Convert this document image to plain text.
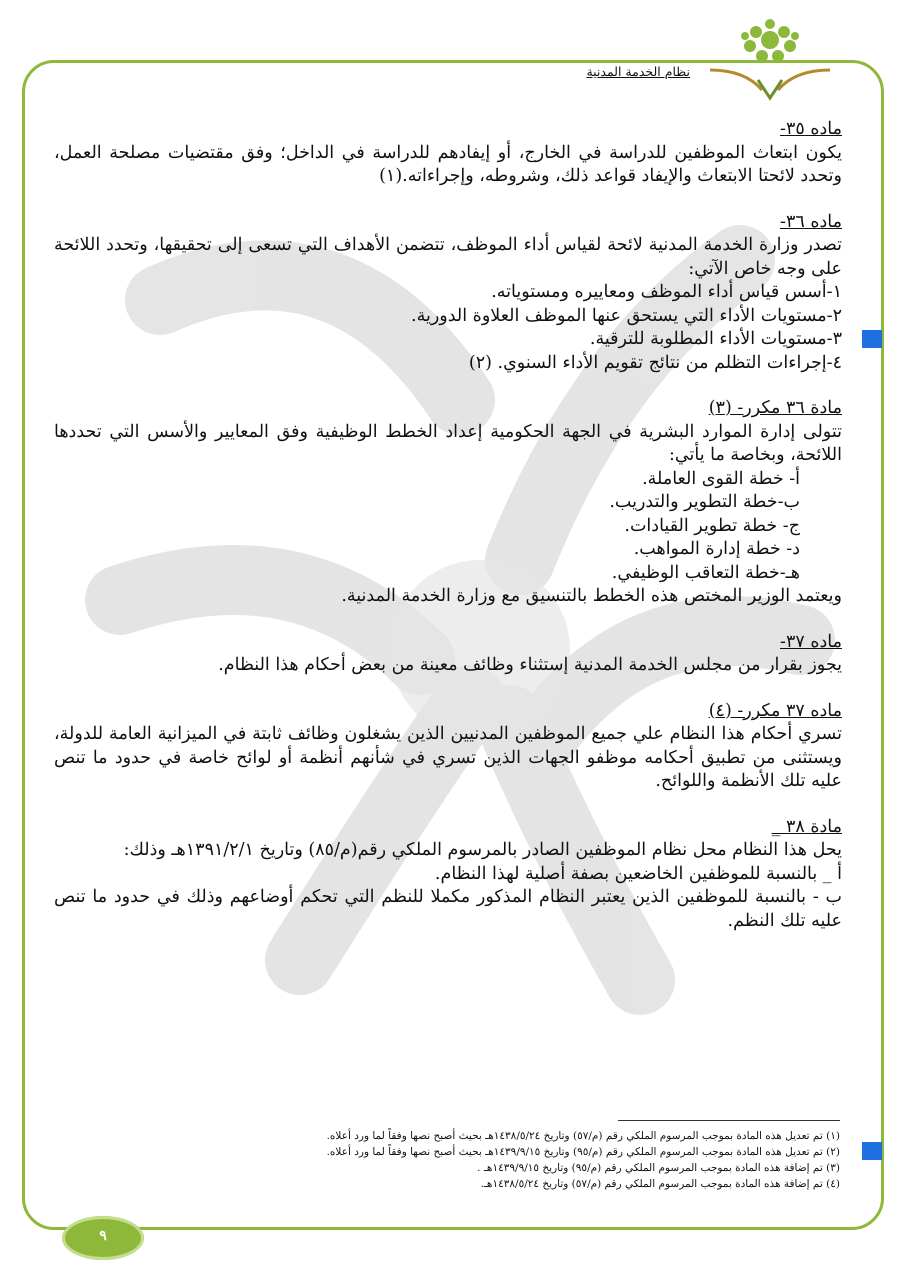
نظام الخدمة المدنية
ماده ٣٥-
يكون ابتعاث الموظفين للدراسة في الخارج، أو إيفادهم للدراسة في الداخل؛ وفق مقتضيات مصلحة العمل، وتحدد لائحتا الابتعاث والإيفاد قواعد ذلك، وشروطه، وإجراءاته.(١)
ماده ٣٦-
تصدر وزارة الخدمة المدنية لائحة لقياس أداء الموظف، تتضمن الأهداف التي تسعى إلى تحقيقها، وتحدد اللائحة على وجه خاص الآتي:
١-أسس قياس أداء الموظف ومعاييره ومستوياته.
٢-مستويات الأداء التي يستحق عنها الموظف العلاوة الدورية.
٣-مستويات الأداء المطلوبة للترقية.
٤-إجراءات التظلم من نتائج تقويم الأداء السنوي. (٢)
مادة ٣٦ مكرر- (٣)
تتولى إدارة الموارد البشرية في الجهة الحكومية إعداد الخطط الوظيفية وفق المعايير والأسس التي تحددها اللائحة، وبخاصة ما يأتي:
أ- خطة القوى العاملة.
ب-خطة التطوير والتدريب.
ج- خطة تطوير القيادات.
د- خطة إدارة المواهب.
هـ-خطة التعاقب الوظيفي.
ويعتمد الوزير المختص هذه الخطط بالتنسيق مع وزارة الخدمة المدنية.
ماده ٣٧-
يجوز بقرار من مجلس الخدمة المدنية إستثناء وظائف معينة من بعض أحكام هذا النظام.
ماده ٣٧ مكرر- (٤)
تسري أحكام هذا النظام علي جميع الموظفين المدنيين الذين يشغلون وظائف ثابتة في الميزانية العامة للدولة، ويستثنى من تطبيق أحكامه موظفو الجهات الذين تسري في شأنهم أنظمة أو لوائح خاصة في حدود ما تنص عليه تلك الأنظمة واللوائح.
مادة ٣٨ _
يحل هذا النظام محل نظام الموظفين الصادر بالمرسوم الملكي رقم(م/٨٥) وتاريخ ١٣٩١/٢/١هـ وذلك:
أ _ بالنسبة للموظفين الخاضعين بصفة أصلية لهذا النظام.
ب - بالنسبة للموظفين الذين يعتبر النظام المذكور مكملا للنظم التي تحكم أوضاعهم وذلك في حدود ما تنص عليه تلك النظم.
(١) تم تعديل هذه المادة بموجب المرسوم الملكي رقم (م/٥٧) وتاريخ ١٤٣٨/٥/٢٤هـ بحيث أصبح نصها وفقاً لما ورد أعلاه.
(٢) تم تعديل هذه المادة بموجب المرسوم الملكي رقم (م/٩٥) وتاريخ ١٤٣٩/٩/١٥هـ بحيث أصبح نصها وفقاً لما ورد أعلاه.
(٣) تم إضافة هذه المادة بموجب المرسوم الملكي رقم (م/٩٥) وتاريخ ١٤٣٩/٩/١٥هـ .
(٤) تم إضافة هذه المادة بموجب المرسوم الملكي رقم (م/٥٧) وتاريخ ١٤٣٨/٥/٢٤هـ.
٩
